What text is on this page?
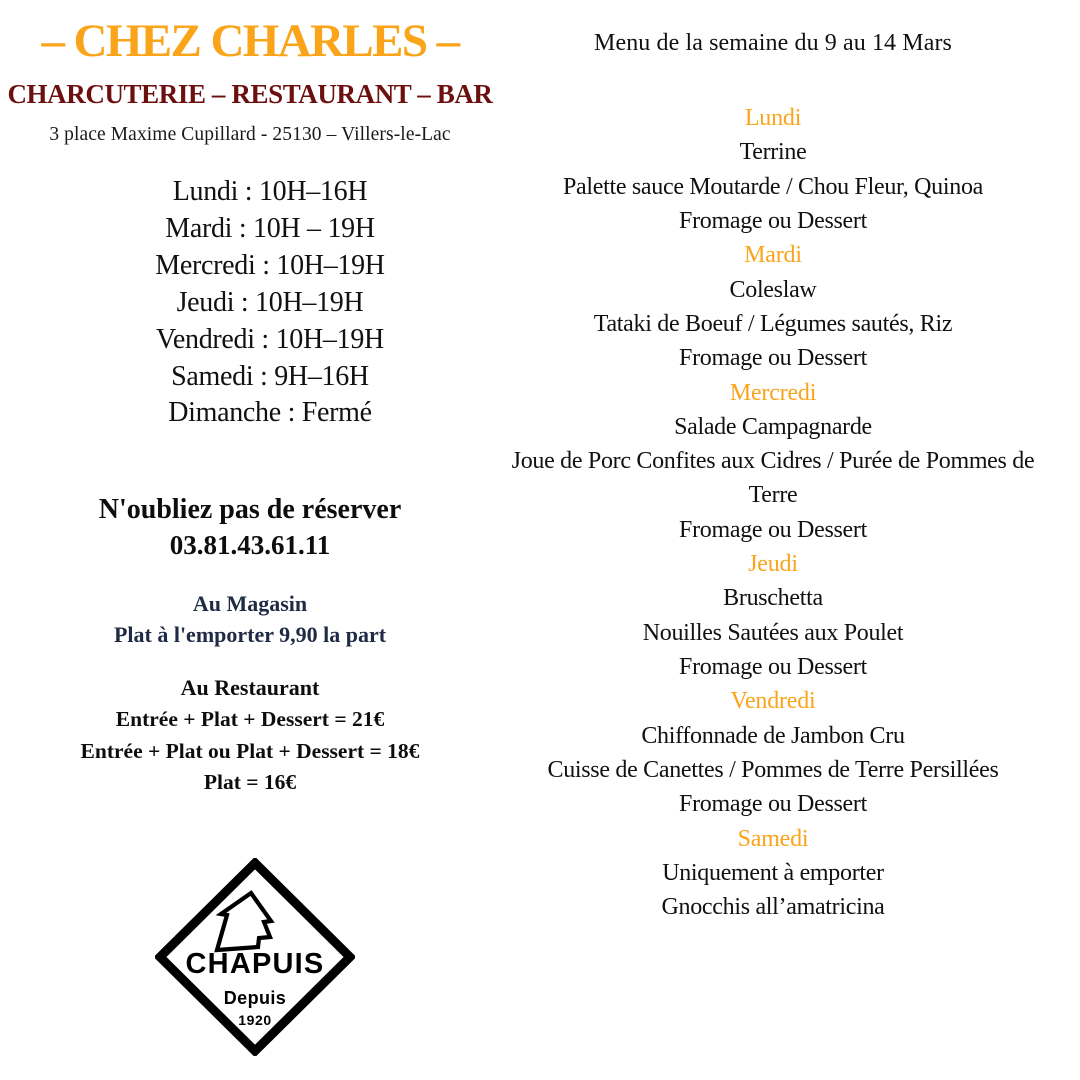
– CHEZ CHARLES –
CHARCUTERIE – RESTAURANT – BAR

3 place Maxime Cupillard - 25130 – Villers-le-Lac

Lundi : 10H–16H
Mardi : 10H – 19H
Mercredi : 10H–19H
Jeudi : 10H–19H
Vendredi : 10H–19H
Samedi : 9H–16H
Dimanche : Fermé
N'oubliez pas de réserver
03.81.43.61.11
Au Magasin
Plat à l'emporter 9,90 la part
Au Restaurant
Entrée + Plat + Dessert = 21€
Entrée + Plat ou Plat + Dessert = 18€
Plat = 16€
CHAPUIS
Depuis
1920

Menu de la semaine du 9 au 14 Mars

Lundi
Terrine
Palette sauce Moutarde / Chou Fleur, Quinoa
Fromage ou Dessert
Mardi
Coleslaw
Tataki de Boeuf / Légumes sautés, Riz
Fromage ou Dessert
Mercredi
Salade Campagnarde
Joue de Porc Confites aux Cidres / Purée de Pommes de Terre
Fromage ou Dessert
Jeudi
Bruschetta
Nouilles Sautées aux Poulet
Fromage ou Dessert
Vendredi
Chiffonnade de Jambon Cru
Cuisse de Canettes / Pommes de Terre Persillées
Fromage ou Dessert
Samedi
Uniquement à emporter
Gnocchis all’amatricina
